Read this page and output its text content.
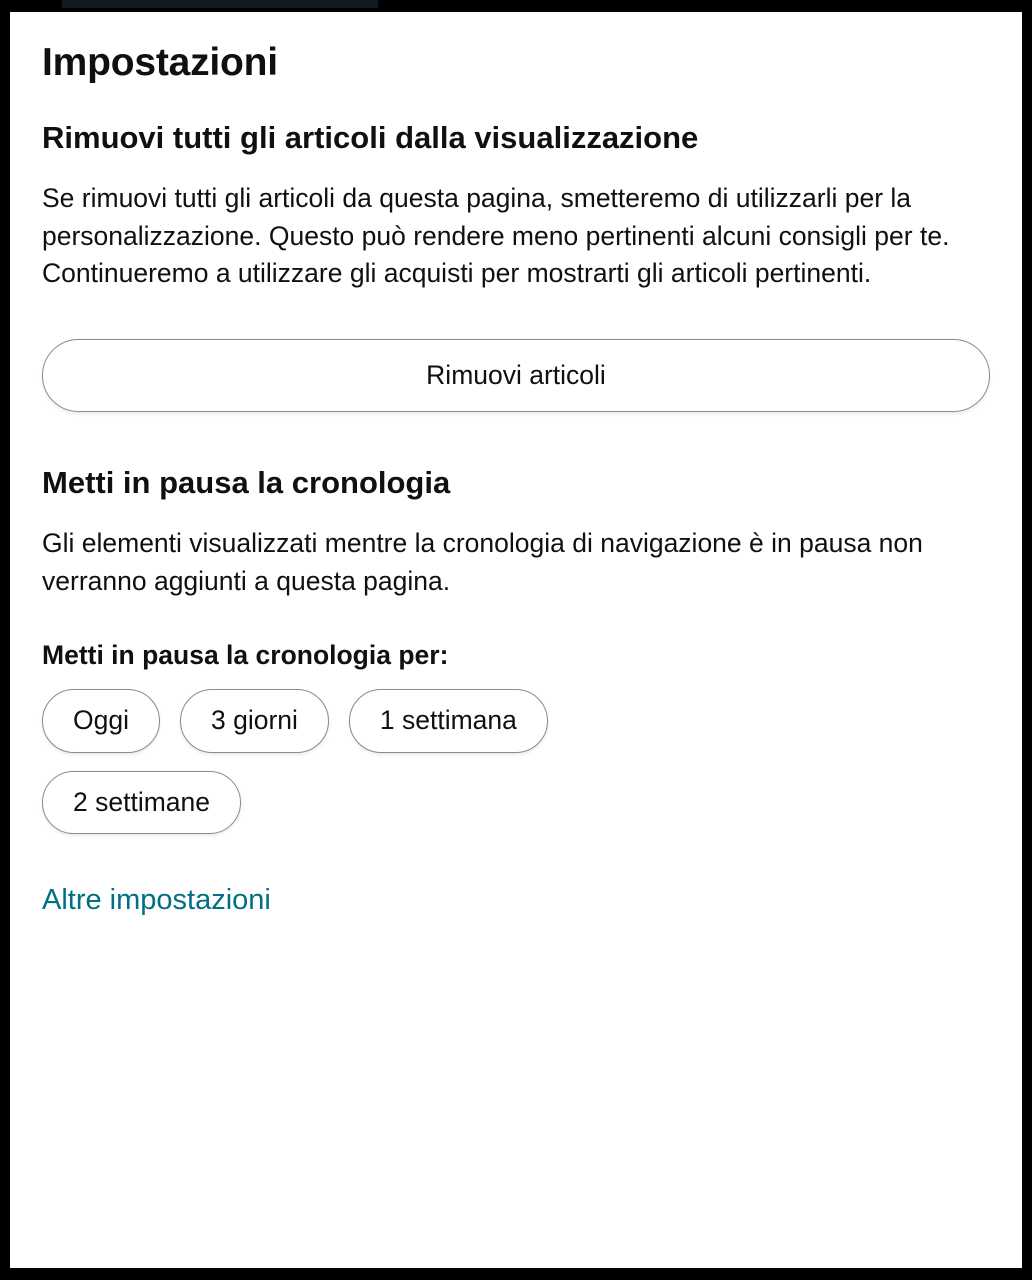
Impostazioni
Rimuovi tutti gli articoli dalla visualizzazione

Se rimuovi tutti gli articoli da questa pagina, smetteremo di utilizzarli per la personalizzazione. Questo può rendere meno pertinenti alcuni consigli per te. Continueremo a utilizzare gli acquisti per mostrarti gli articoli pertinenti.

Rimuovi articoli
Metti in pausa la cronologia

Gli elementi visualizzati mentre la cronologia di navigazione è in pausa non verranno aggiunti a questa pagina.

Metti in pausa la cronologia per:
Oggi	3 giorni	1 settimana
2 settimane
Altre impostazioni
